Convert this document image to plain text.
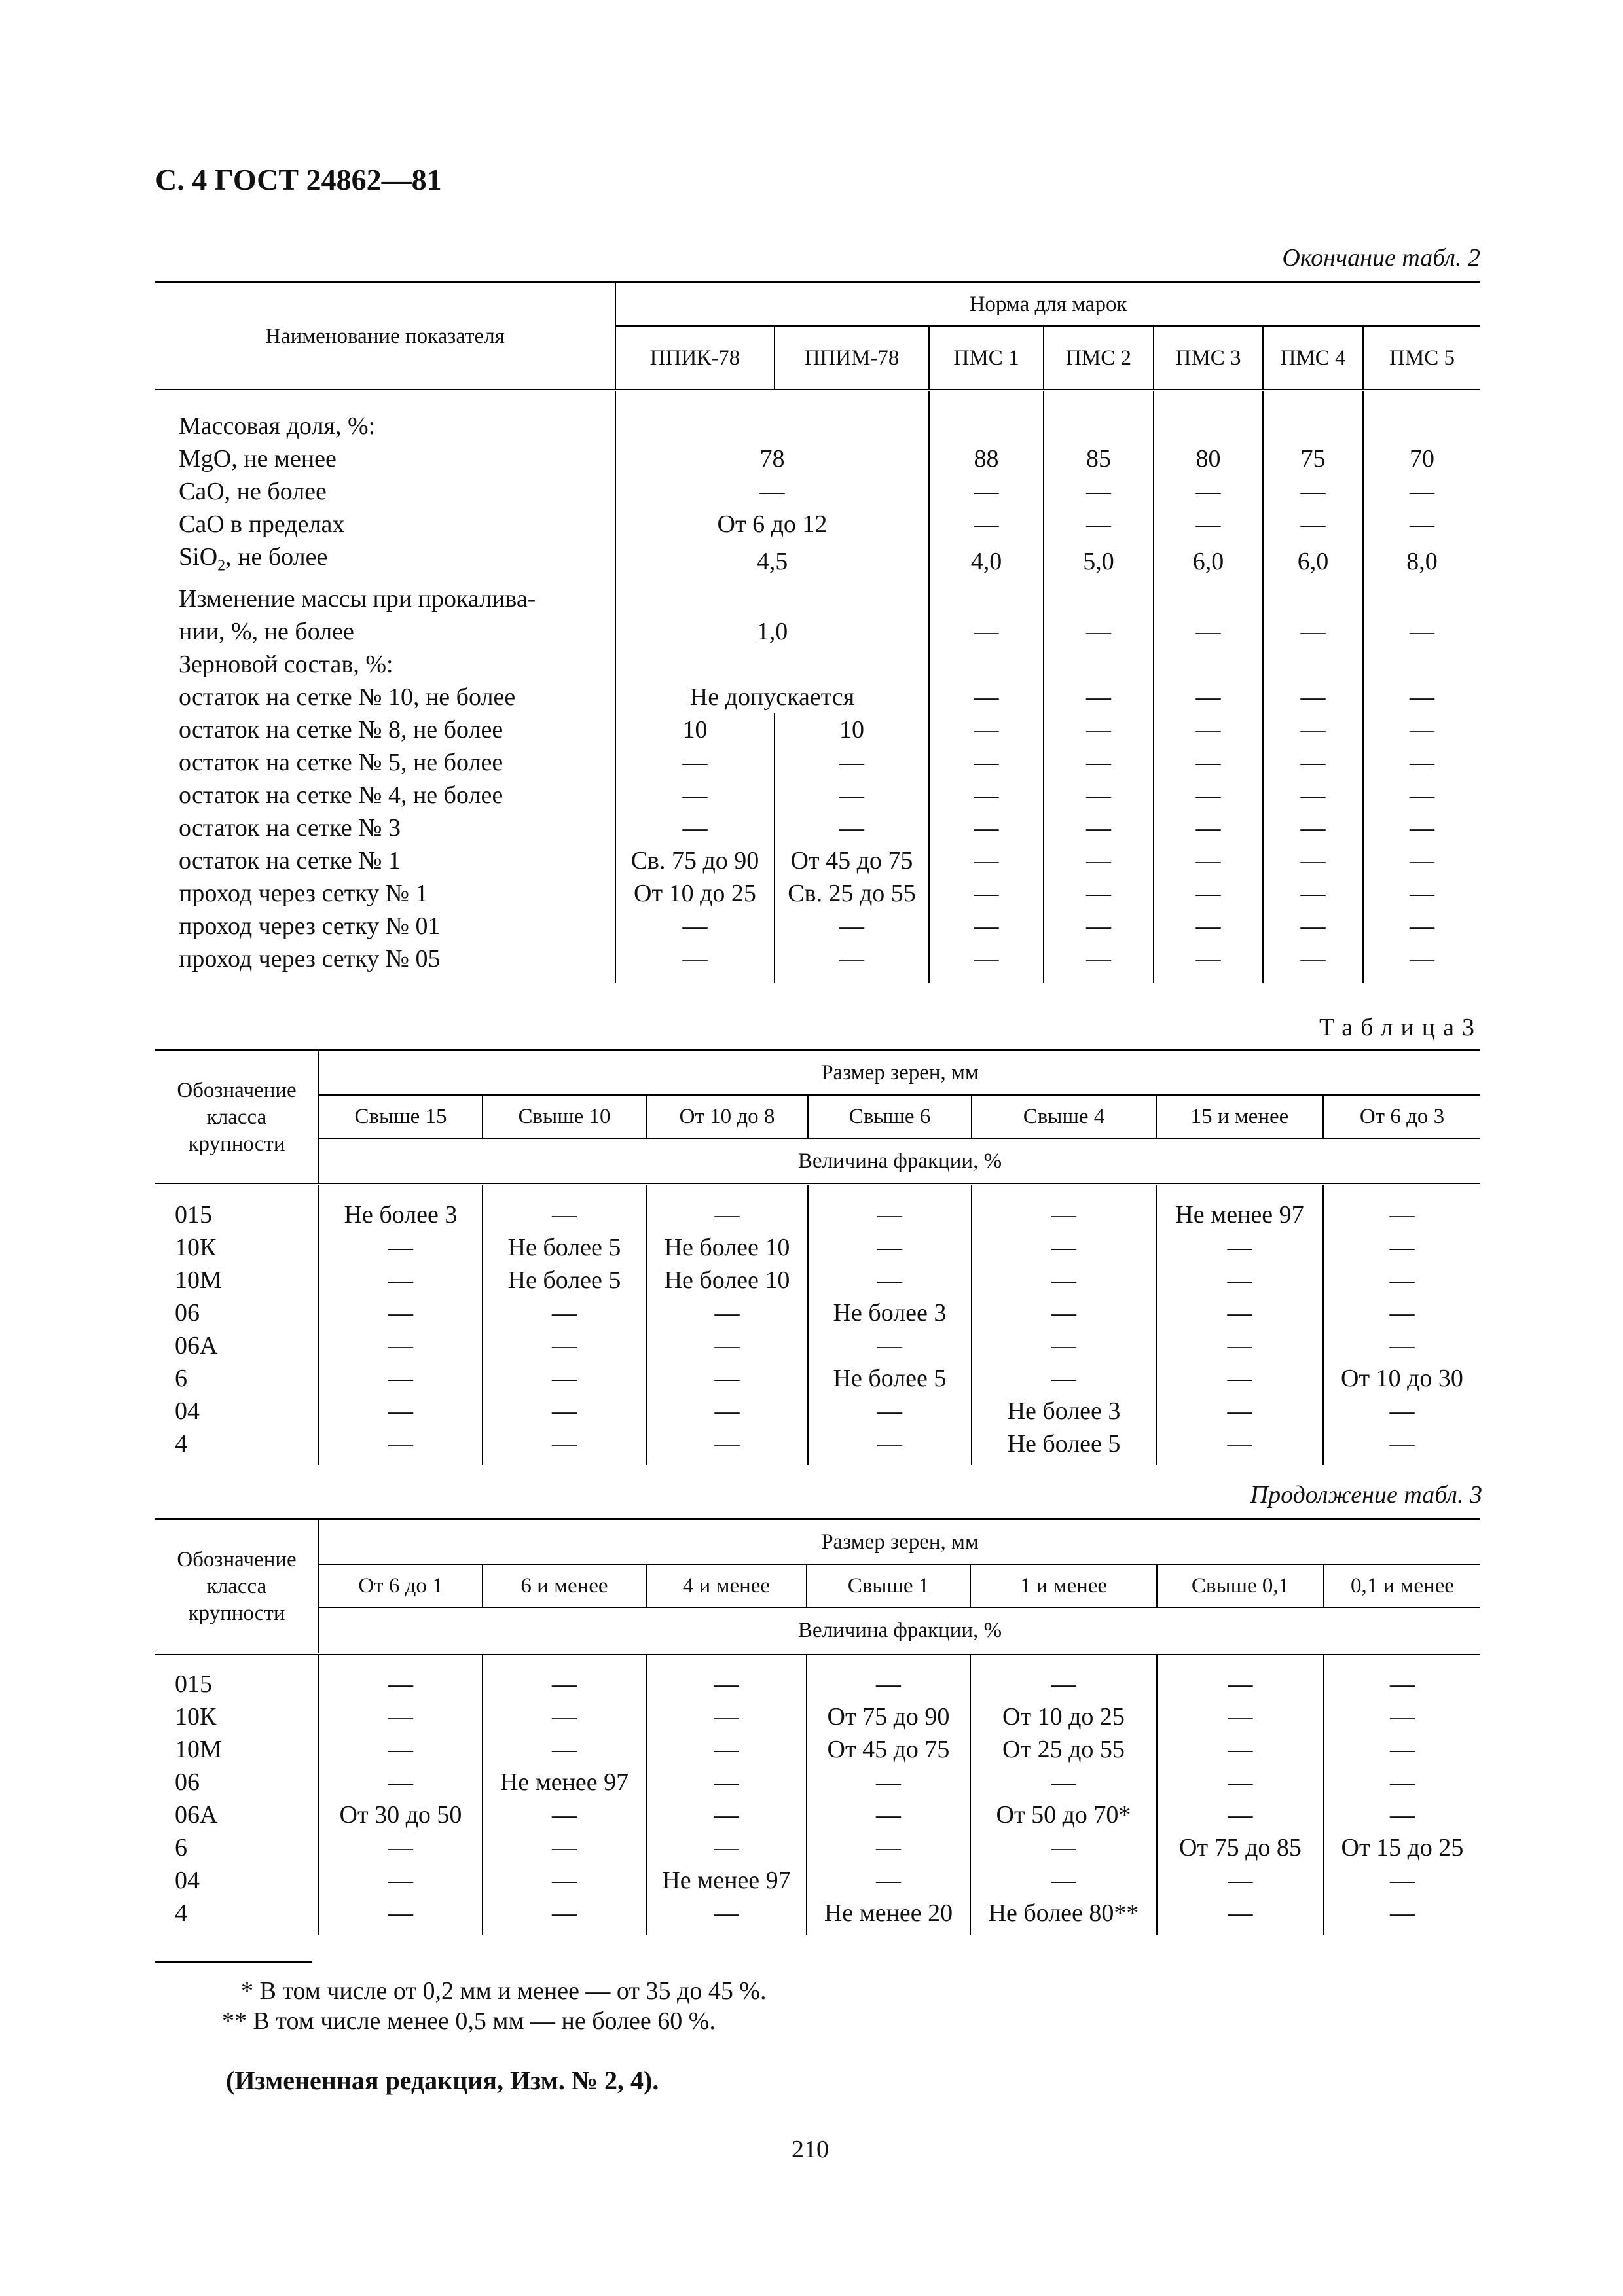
С. 4 ГОСТ 24862—81
Окончание табл. 2
Наименование показателя	Норма для марок						
	ППИК-78	ППИМ-78	ПМС 1	ПМС 2	ПМС 3	ПМС 4	ПМС 5

Массовая доля, %:							
MgO, не менее	78		88	85	80	75	70
CaO, не более	—		—	—	—	—	—
CaO в пределах	От 6 до 12		—	—	—	—	—
SiO$_2$, не более	4,5		4,0	5,0	6,0	6,0	8,0
Изменение массы при прокалива-							
нии, %, не более	1,0		—	—	—	—	—
Зерновой состав, %:							
остаток на сетке № 10, не более	Не допускается		—	—	—	—	—
остаток на сетке № 8, не более	10	10	—	—	—	—	—
остаток на сетке № 5, не более	—	—	—	—	—	—	—
остаток на сетке № 4, не более	—	—	—	—	—	—	—
остаток на сетке № 3	—	—	—	—	—	—	—
остаток на сетке № 1	Св. 75 до 90	От 45 до 75	—	—	—	—	—
проход через сетку № 1	От 10 до 25	Св. 25 до 55	—	—	—	—	—
проход через сетку № 01	—	—	—	—	—	—	—
проход через сетку № 05	—	—	—	—	—	—	—

Таблица3
Обозначение
класса
крупности	Размер зерен, мм						
	Свыше 15	Свыше 10	От 10 до 8	Свыше 6	Свыше 4	15 и менее	От 6 до 3
	Величина фракции, %						

015	Не более 3	—	—	—	—	Не менее 97	—
10К	—	Не более 5	Не более 10	—	—	—	—
10М	—	Не более 5	Не более 10	—	—	—	—
06	—	—	—	Не более 3	—	—	—
06А	—	—	—	—	—	—	—
6	—	—	—	Не более 5	—	—	От 10 до 30
04	—	—	—	—	Не более 3	—	—
4	—	—	—	—	Не более 5	—	—

Продолжение табл. 3
Обозначение
класса
крупности	Размер зерен, мм						
	От 6 до 1	6 и менее	4 и менее	Свыше 1	1 и менее	Свыше 0,1	0,1 и менее
	Величина фракции, %						

015	—	—	—	—	—	—	—
10К	—	—	—	От 75 до 90	От 10 до 25	—	—
10М	—	—	—	От 45 до 75	От 25 до 55	—	—
06	—	Не менее 97	—	—	—	—	—
06А	От 30 до 50	—	—	—	От 50 до 70*	—	—
6	—	—	—	—	—	От 75 до 85	От 15 до 25
04	—	—	Не менее 97	—	—	—	—
4	—	—	—	Не менее 20	Не более 80**	—	—

* В том числе от 0,2 мм и менее — от 35 до 45 %.
** В том числе менее 0,5 мм — не более 60 %.
(Измененная редакция, Изм. № 2, 4).
210
